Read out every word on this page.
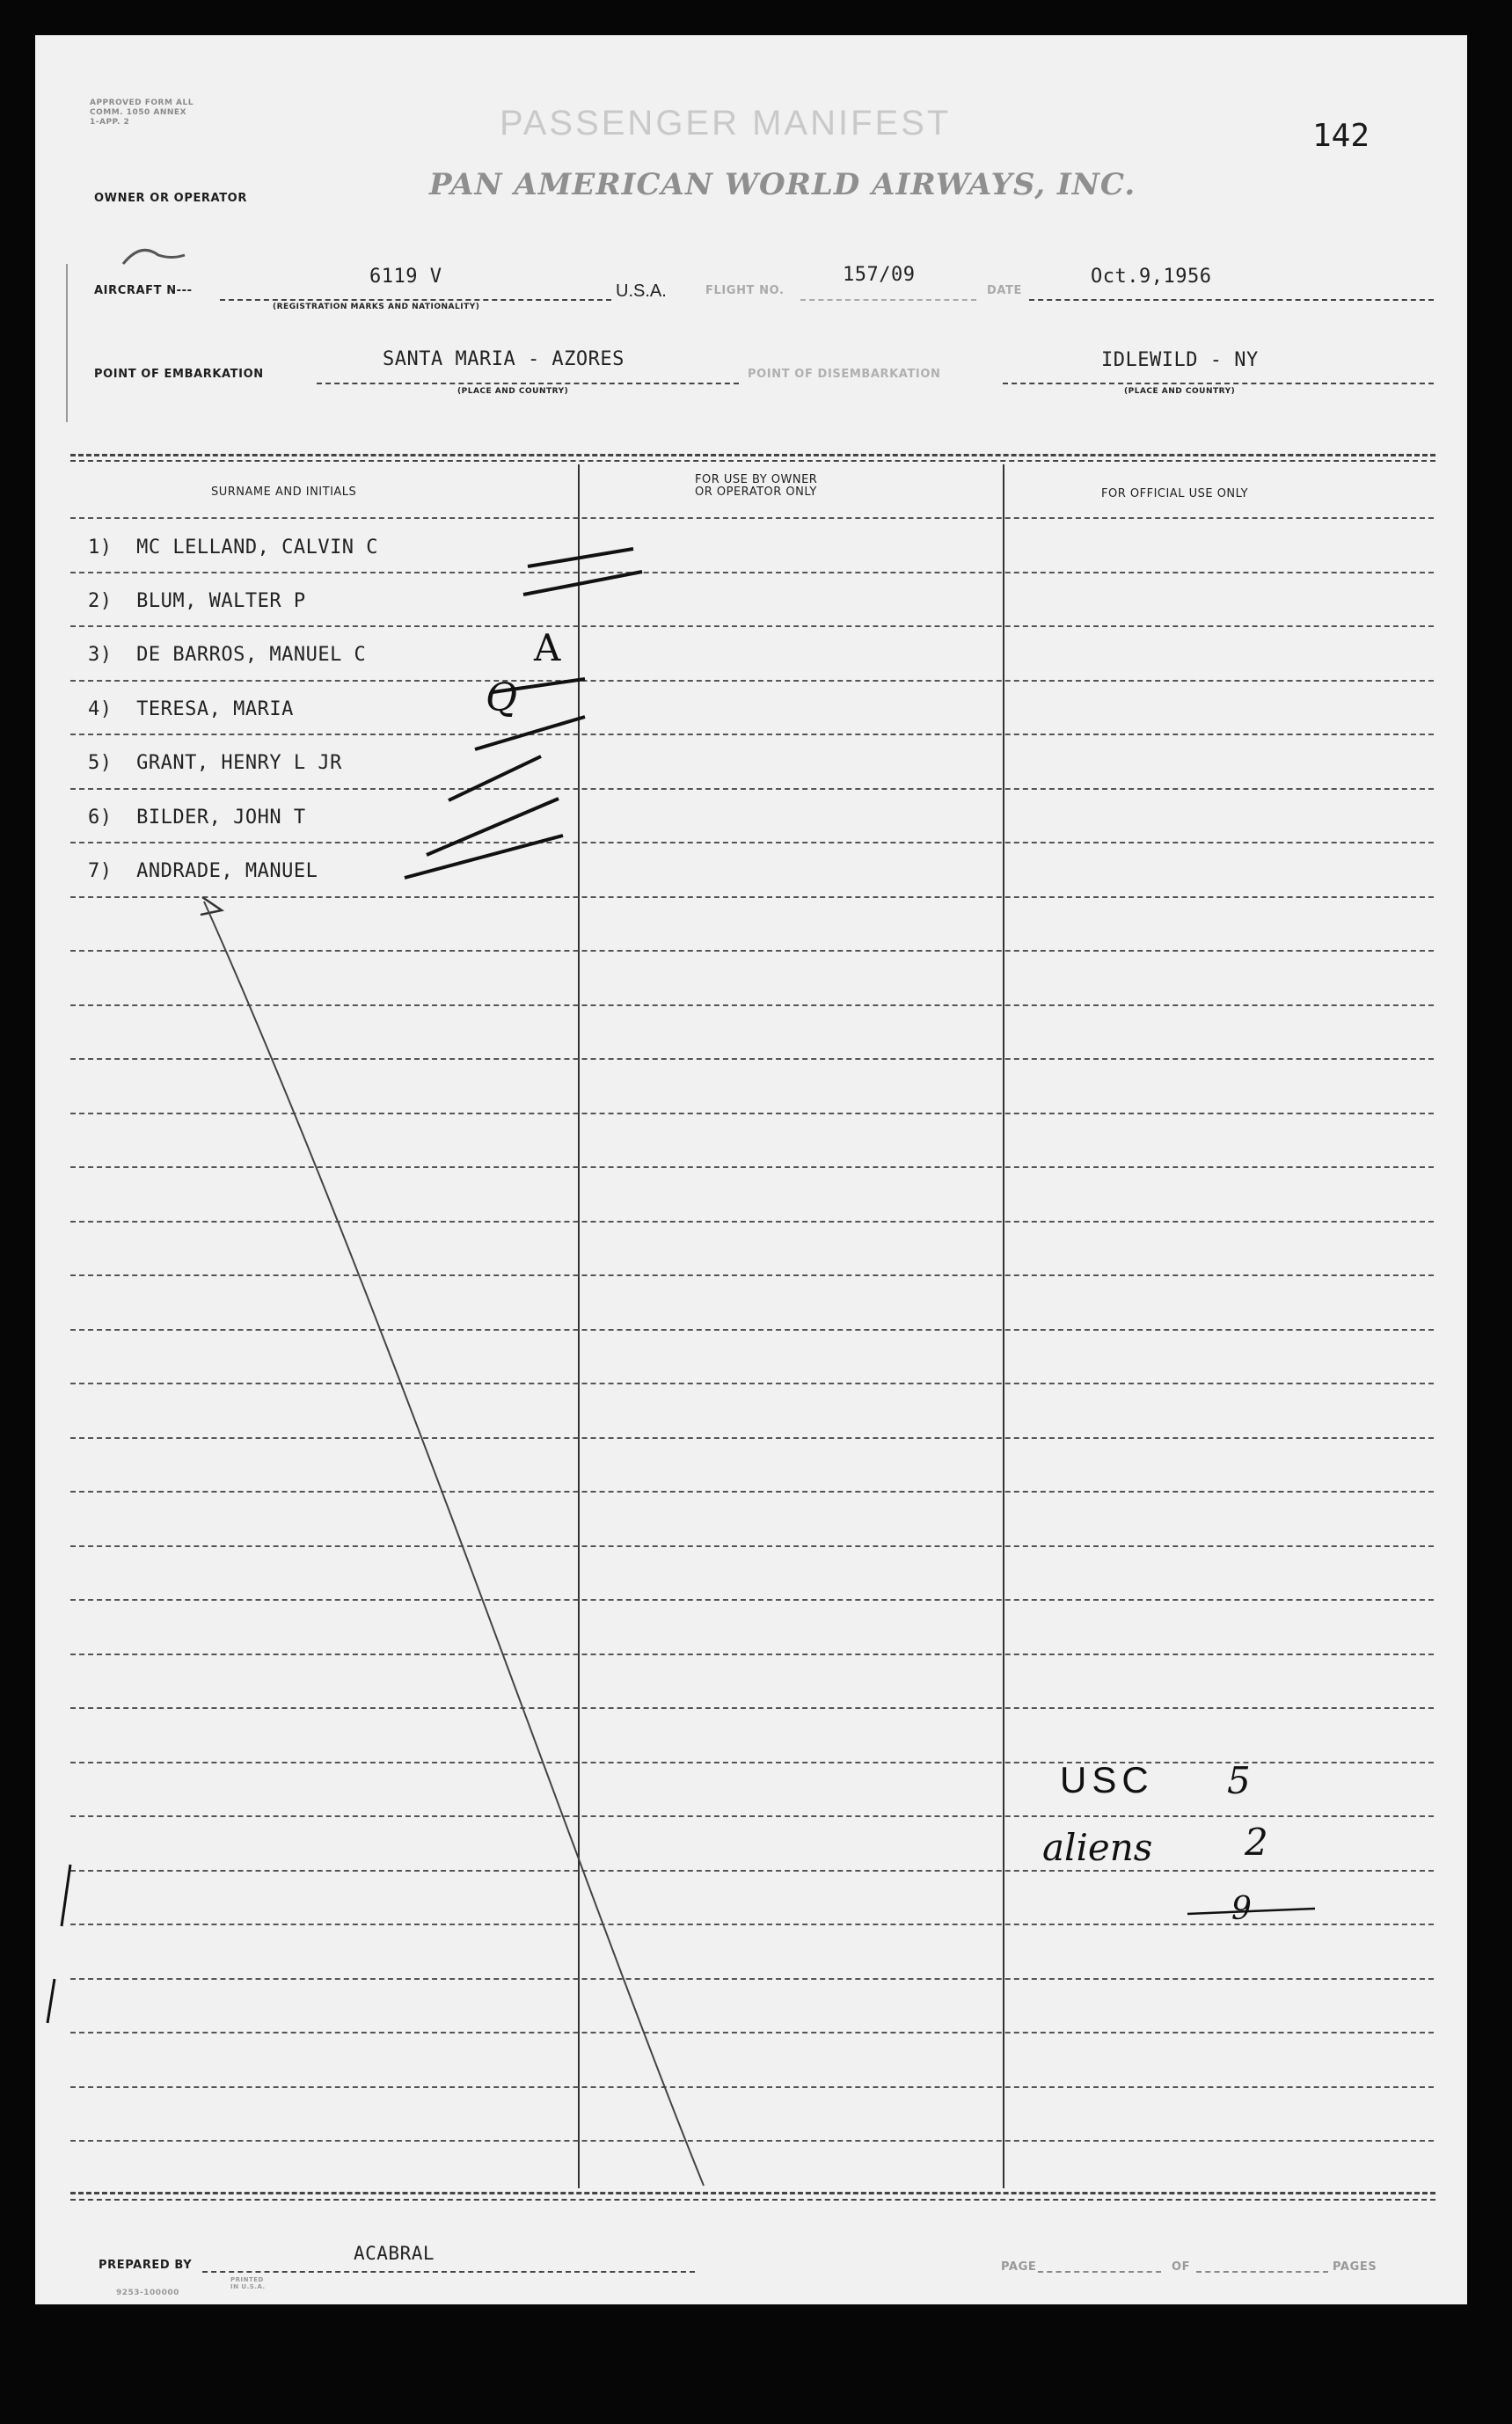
APPROVED FORM ALL COMM. 1050 ANNEX 1-APP. 2	PASSENGER MANIFEST	142
OWNER OR OPERATOR	PAN AMERICAN WORLD AIRWAYS, INC.
AIRCRAFT N---
6119 V
(REGISTRATION MARKS AND NATIONALITY)
U.S.A.	FLIGHT NO.
157/09
DATE
Oct.9,1956
POINT OF EMBARKATION
SANTA MARIA - AZORES
(PLACE AND COUNTRY)
POINT OF DISEMBARKATION
IDLEWILD - NY
(PLACE AND COUNTRY)
SURNAME AND INITIALS
FOR USE BY OWNER
OR OPERATOR ONLY	FOR OFFICIAL USE ONLY
1) MC LELLAND, CALVIN C
2) BLUM, WALTER P
3) DE BARROS, MANUEL C
4) TERESA, MARIA
5) GRANT, HENRY L JR
6) BILDER, JOHN T
7) ANDRADE, MANUEL
A
Q
USC 5
aliens 2
9
PREPARED BY
ACABRAL
PAGE	OF	PAGES
9253-100000
PRINTED IN U.S.A.
